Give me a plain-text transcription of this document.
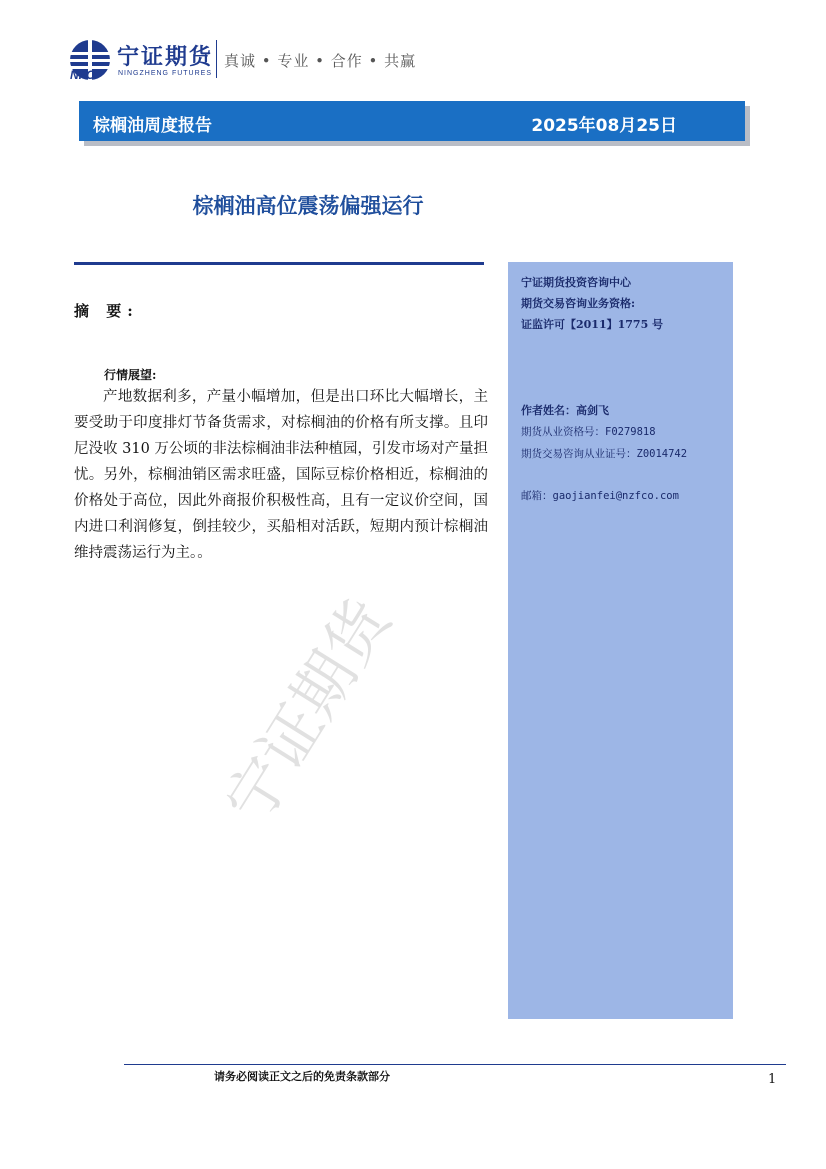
宁证期货
NFC	NINGZHENG FUTURES
真诚 • 专业 • 合作 • 共赢
棕榈油周度报告	2025年08月25日
棕榈油高位震荡偏强运行
宁证期货
摘 要:
行情展望:
产地数据利多，产量小幅增加，但是出口环比大幅增长，主要受助于印度排灯节备货需求，对棕榈油的价格有所支撑。且印尼没收 310 万公顷的非法棕榈油非法种植园，引发市场对产量担忧。另外，棕榈油销区需求旺盛，国际豆棕价格相近，棕榈油的价格处于高位，因此外商报价积极性高，且有一定议价空间，国内进口利润修复，倒挂较少，买船相对活跃，短期内预计棕榈油维持震荡运行为主。。
宁证期货投资咨询中心
期货交易咨询业务资格:
证监许可【2011】1775 号
作者姓名：高剑飞
期货从业资格号：F0279818
期货交易咨询从业证号：Z0014742
邮箱：gaojianfei@nzfco.com
请务必阅读正文之后的免责条款部分	1
